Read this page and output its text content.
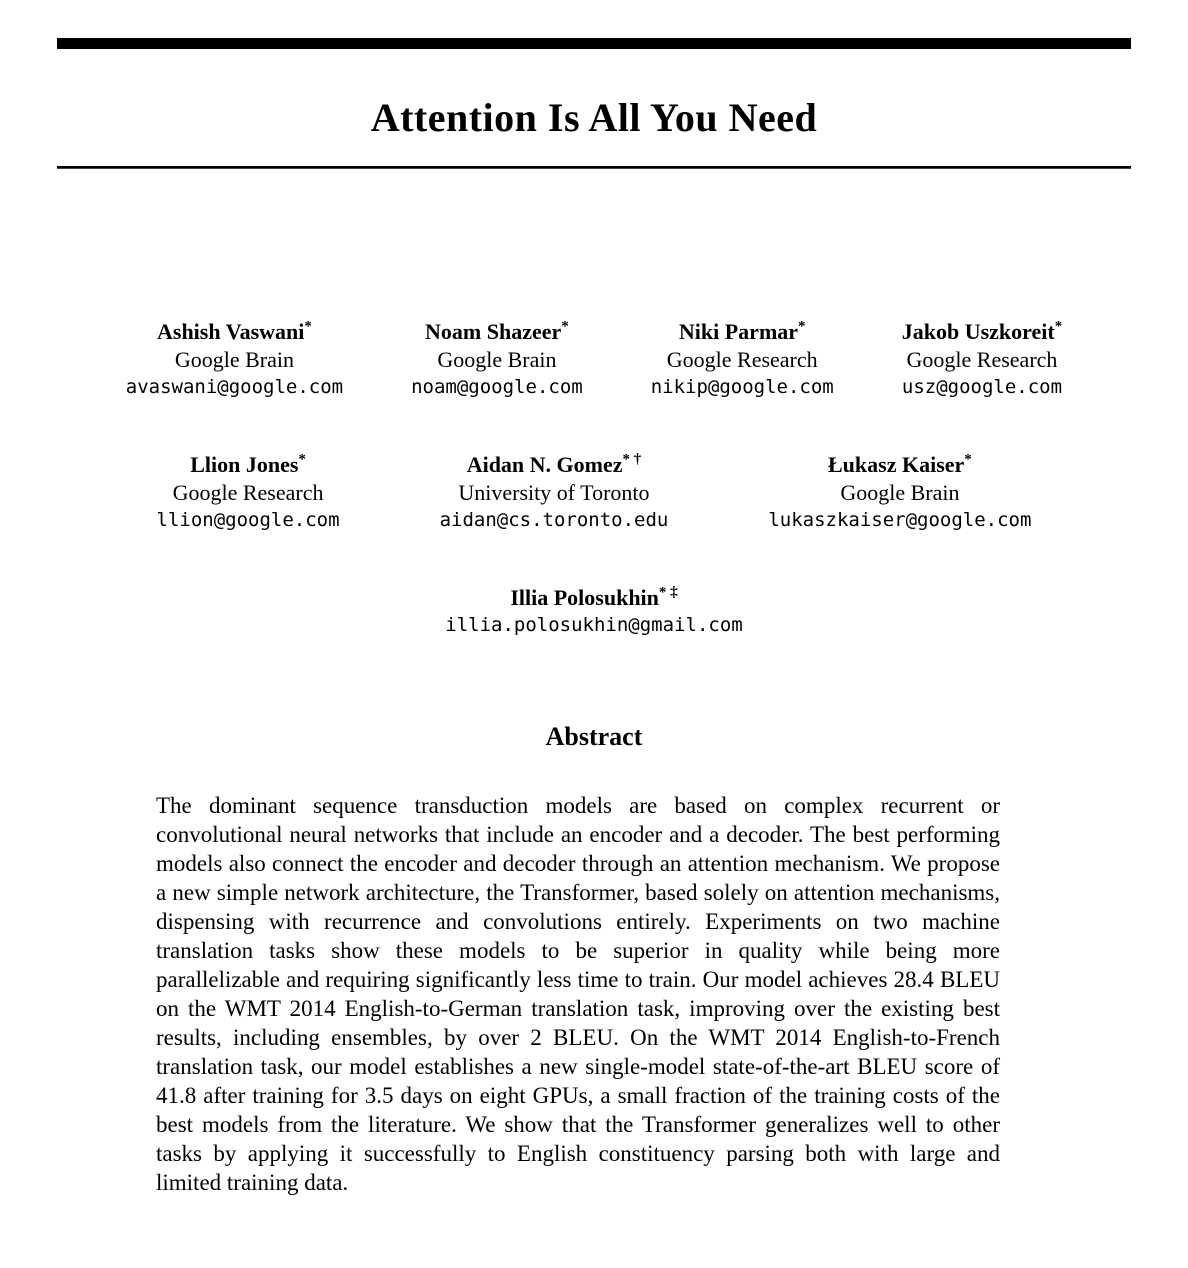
Attention Is All You Need
Ashish Vaswani*
Google Brain
avaswani@google.com
Noam Shazeer*
Google Brain
noam@google.com
Niki Parmar*
Google Research
nikip@google.com
Jakob Uszkoreit*
Google Research
usz@google.com
Llion Jones*
Google Research
llion@google.com
Aidan N. Gomez* †
University of Toronto
aidan@cs.toronto.edu
Łukasz Kaiser*
Google Brain
lukaszkaiser@google.com
Illia Polosukhin* ‡
illia.polosukhin@gmail.com
Abstract

The dominant sequence transduction models are based on complex recurrent or convolutional neural networks that include an encoder and a decoder. The best performing models also connect the encoder and decoder through an attention mechanism. We propose a new simple network architecture, the Transformer, based solely on attention mechanisms, dispensing with recurrence and convolutions entirely. Experiments on two machine translation tasks show these models to be superior in quality while being more parallelizable and requiring significantly less time to train. Our model achieves 28.4 BLEU on the WMT 2014 English-to-German translation task, improving over the existing best results, including ensembles, by over 2 BLEU. On the WMT 2014 English-to-French translation task, our model establishes a new single-model state-of-the-art BLEU score of 41.8 after training for 3.5 days on eight GPUs, a small fraction of the training costs of the best models from the literature. We show that the Transformer generalizes well to other tasks by applying it successfully to English constituency parsing both with large and limited training data.
